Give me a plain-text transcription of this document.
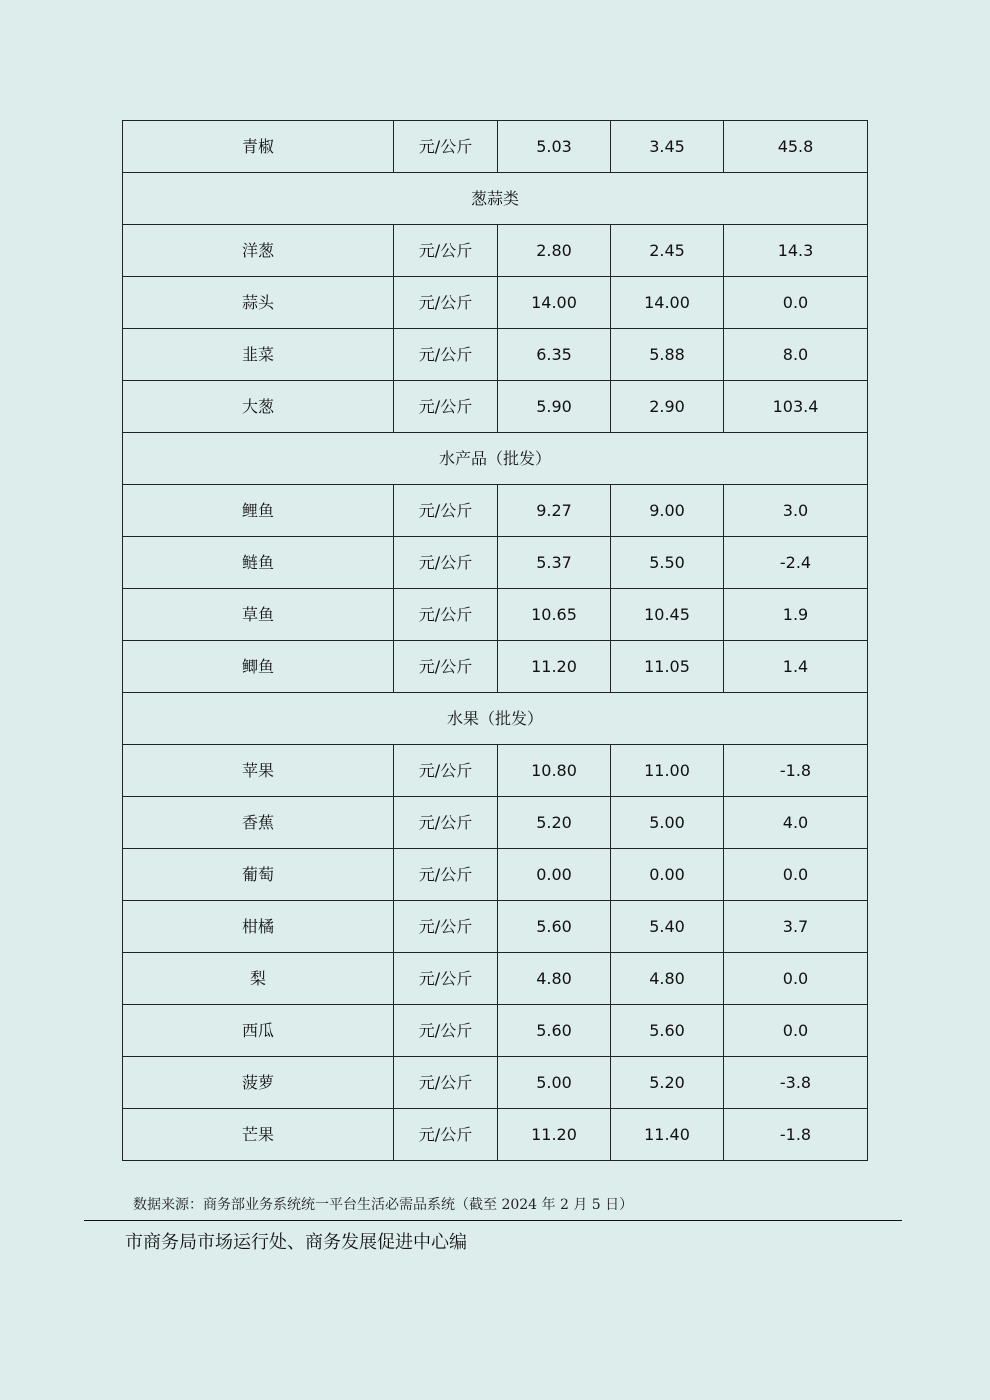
青椒	元/公斤	5.03	3.45	45.8
葱蒜类				
洋葱	元/公斤	2.80	2.45	14.3
蒜头	元/公斤	14.00	14.00	0.0
韭菜	元/公斤	6.35	5.88	8.0
大葱	元/公斤	5.90	2.90	103.4
水产品（批发）				
鲤鱼	元/公斤	9.27	9.00	3.0
鲢鱼	元/公斤	5.37	5.50	-2.4
草鱼	元/公斤	10.65	10.45	1.9
鲫鱼	元/公斤	11.20	11.05	1.4
水果（批发）				
苹果	元/公斤	10.80	11.00	-1.8
香蕉	元/公斤	5.20	5.00	4.0
葡萄	元/公斤	0.00	0.00	0.0
柑橘	元/公斤	5.60	5.40	3.7
梨	元/公斤	4.80	4.80	0.0
西瓜	元/公斤	5.60	5.60	0.0
菠萝	元/公斤	5.00	5.20	-3.8
芒果	元/公斤	11.20	11.40	-1.8
数据来源：商务部业务系统统一平台生活必需品系统（截至 2024 年 2 月 5 日）
市商务局市场运行处、商务发展促进中心编
